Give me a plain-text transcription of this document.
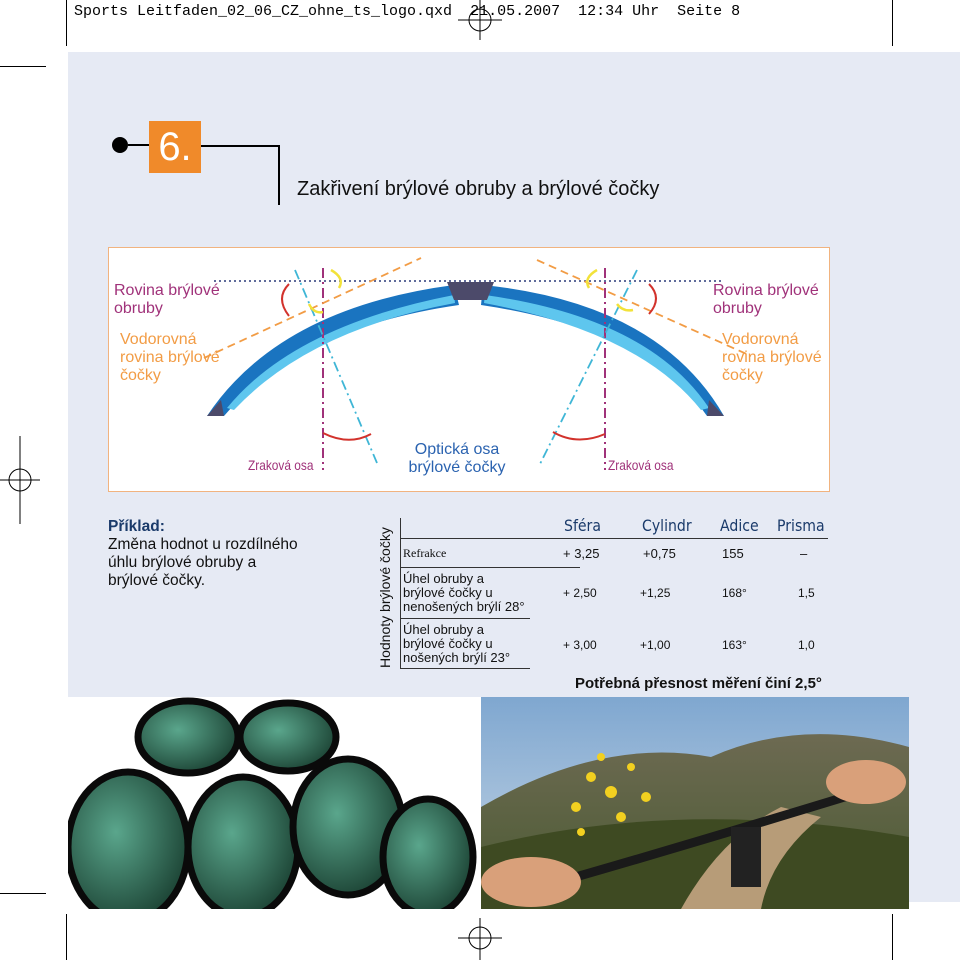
Sports Leitfaden_02_06_CZ_ohne_ts_logo.qxd  21.05.2007  12:34 Uhr  Seite 8
6.
Zakřivení brýlové obruby a brýlové čočky
Rovina brýlové
obruby
Vodorovná
rovina brýlové
čočky
Rovina brýlové
obruby
Vodorovná
rovina brýlové
čočky
Zraková osa
Optická osa
brýlové čočky	Zraková osa
Příklad:
Změna hodnot u rozdílného
úhlu brýlové obruby a
brýlové čočky.	Hodnoty brýlové čočky
Sféra	Cylindr Adice Prisma
Refrakce	+ 3,25	+0,75	155	–
Úhel obruby a
brýlové čočky u
nenošených brýlí 28°
+ 2,50	+1,25	168°	1,5
Úhel obruby a
brýlové čočky u
nošených brýlí 23°
+ 3,00	+1,00	163°	1,0
Potřebná přesnost měření činí 2,5°
